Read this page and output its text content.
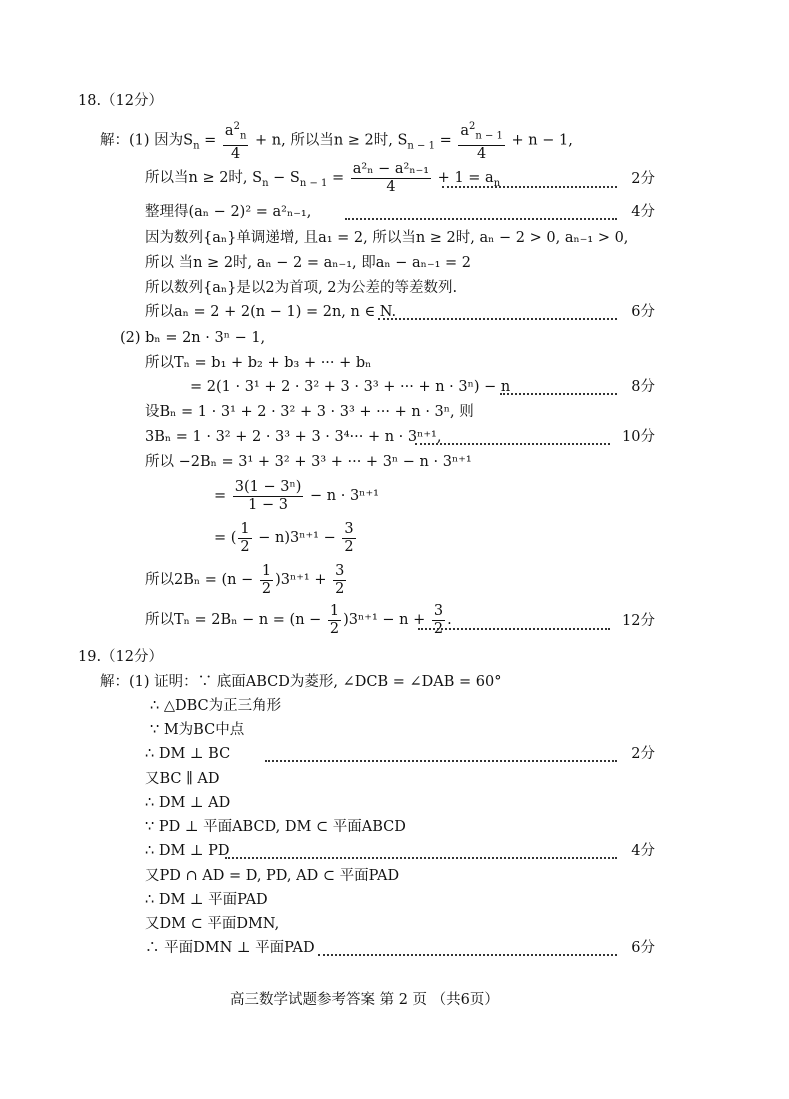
18.（12分）
解：(1) 因为$S_n = \frac{a^2_n}{4} + n$, 所以当n ≥ 2时, $S_{n - 1} = \frac{a^2_{n - 1}}{4} + n - 1$,
所以当n ≥ 2时, $S_n - S_{n - 1} = \frac{\text{a²ₙ − a²ₙ₋₁}}{4} + 1 = a_n$	2分
整理得(aₙ − 2)² = a²ₙ₋₁,	4分
因为数列{aₙ}单调递增, 且a₁ = 2, 所以当n ≥ 2时, aₙ − 2 > 0, aₙ₋₁ > 0,
所以 当n ≥ 2时, aₙ − 2 = aₙ₋₁, 即aₙ − aₙ₋₁ = 2
所以数列{aₙ}是以2为首项, 2为公差的等差数列.
所以aₙ = 2 + 2(n − 1) = 2n, n ∈ N.	6分
(2) bₙ = 2n · 3ⁿ − 1,
所以Tₙ = b₁ + b₂ + b₃ + ··· + bₙ
= 2(1 · 3¹ + 2 · 3² + 3 · 3³ + ··· + n · 3ⁿ) − n	8分
设Bₙ = 1 · 3¹ + 2 · 3² + 3 · 3³ + ··· + n · 3ⁿ, 则
3Bₙ = 1 · 3² + 2 · 3³ + 3 · 3⁴··· + n · 3ⁿ⁺¹,	10分
所以 −2Bₙ = 3¹ + 3² + 3³ + ··· + 3ⁿ − n · 3ⁿ⁺¹
= $\frac{\text{3(1 − 3ⁿ)}}{1 - 3} - n \cdot 3^{n+1}$
= ( $\frac{1}{2} - n)3^{n+1} - \frac{3}{2}$
所以$2B_n = (n - \frac{1}{2} )3^{n+1} + \frac{3}{2}$
所以$T_n = 2B_n - n = (n - \frac{1}{2} )3^{n+1} - n + \frac{3}{2}$ .	12分
19.（12分）
解：(1) 证明：∵ 底面ABCD为菱形, ∠DCB = ∠DAB = 60°
∴ △DBC为正三角形
∵ M为BC中点
∴ DM ⊥ BC	2分
又BC ∥ AD
∴ DM ⊥ AD
∵ PD ⊥ 平面ABCD, DM ⊂ 平面ABCD
∴ DM ⊥ PD	4分
又PD ∩ AD = D, PD, AD ⊂ 平面PAD
∴ DM ⊥ 平面PAD
又DM ⊂ 平面DMN,
∴ 平面DMN ⊥ 平面PAD	6分
高三数学试题参考答案 第 2 页 （共6页）
